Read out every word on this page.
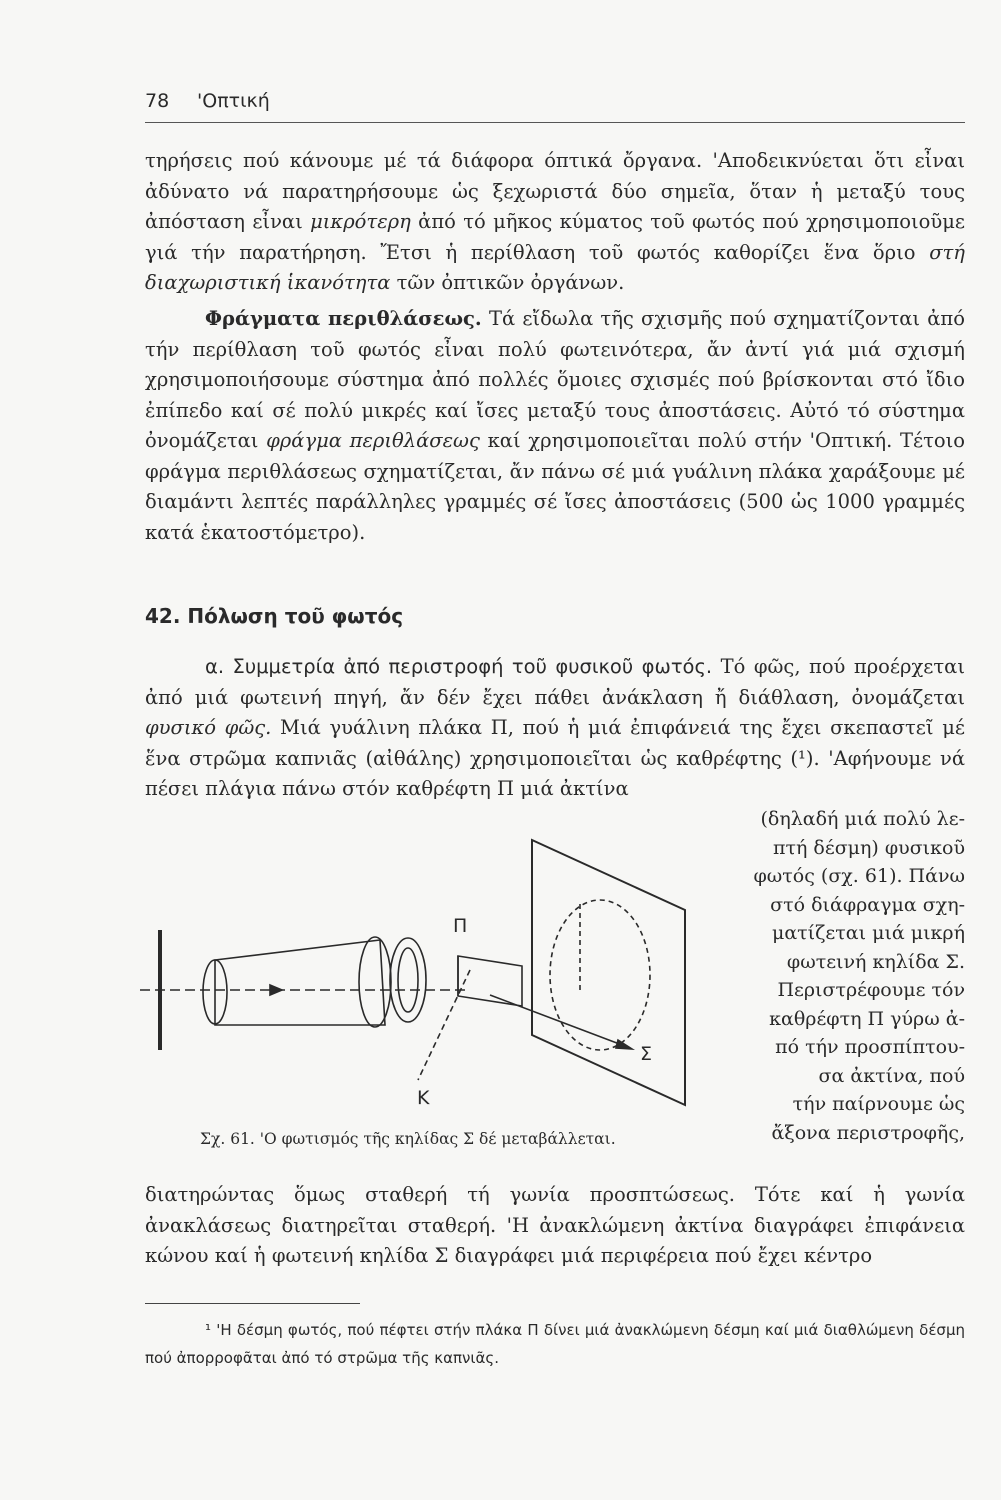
78 'Οπτική
τηρήσεις πού κάνουμε μέ τά διάφορα όπτικά ὄργανα. 'Αποδεικνύεται ὅτι εἶναι ἀδύνατο νά παρατηρήσουμε ὡς ξεχωριστά δύο σημεῖα, ὅταν ἡ μεταξύ τους ἀπόσταση εἶναι μικρότερη ἀπό τό μῆκος κύματος τοῦ φωτός πού χρησιμοποιοῦμε γιά τήν παρατήρηση. Ἔτσι ἡ περίθλαση τοῦ φωτός καθορίζει ἕνα ὅριο στή διαχωριστική ἱκανότητα τῶν ὀπτικῶν ὀργάνων.
Φράγματα περιθλάσεως. Τά εἴδωλα τῆς σχισμῆς πού σχηματίζονται ἀπό τήν περίθλαση τοῦ φωτός εἶναι πολύ φωτεινότερα, ἄν ἀντί γιά μιά σχισμή χρησιμοποιήσουμε σύστημα ἀπό πολλές ὅμοιες σχισμές πού βρίσκονται στό ἴδιο ἐπίπεδο καί σέ πολύ μικρές καί ἴσες μεταξύ τους ἀποστάσεις. Αὐτό τό σύστημα ὀνομάζεται φράγμα περιθλάσεως καί χρησιμοποιεῖται πολύ στήν 'Οπτική. Τέτοιο φράγμα περιθλάσεως σχηματίζεται, ἄν πάνω σέ μιά γυάλινη πλάκα χαράξουμε μέ διαμάντι λεπτές παράλληλες γραμμές σέ ἴσες ἀποστάσεις (500 ὡς 1000 γραμμές κατά ἑκατοστόμετρο).
42. Πόλωση τοῦ φωτός
α. Συμμετρία ἀπό περιστροφή τοῦ φυσικοῦ φωτός. Τό φῶς, πού προέρχεται ἀπό μιά φωτεινή πηγή, ἄν δέν ἔχει πάθει ἀνάκλαση ἤ διάθλαση, ὀνομάζεται φυσικό φῶς. Μιά γυάλινη πλάκα Π, πού ἡ μιά ἐπιφάνειά της ἔχει σκεπαστεῖ μέ ἕνα στρῶμα καπνιᾶς (αἰθάλης) χρησιμοποιεῖται ὡς καθρέφτης (¹). 'Αφήνουμε νά πέσει πλάγια πάνω στόν καθρέφτη Π μιά ἀκτίνα
(δηλαδή μιά πολύ λε-
πτή δέσμη) φυσικοῦ
φωτός (σχ. 61). Πάνω
στό διάφραγμα σχη-
ματίζεται μιά μικρή
φωτεινή κηλίδα Σ.
Περιστρέφουμε τόν
καθρέφτη Π γύρω ἀ-
πό τήν προσπίπτου-
σα ἀκτίνα, πού
τήν παίρνουμε ὡς
ἄξονα περιστροφῆς,
Π
Σ
Κ
Σχ. 61. 'Ο φωτισμός τῆς κηλίδας Σ δέ μεταβάλλεται.
διατηρώντας ὅμως σταθερή τή γωνία προσπτώσεως. Τότε καί ἡ γωνία ἀνακλάσεως διατηρεῖται σταθερή. 'Η ἀνακλώμενη ἀκτίνα διαγράφει ἐπιφάνεια κώνου καί ἡ φωτεινή κηλίδα Σ διαγράφει μιά περιφέρεια πού ἔχει κέντρο
¹ 'Η δέσμη φωτός, πού πέφτει στήν πλάκα Π δίνει μιά ἀνακλώμενη δέσμη καί μιά διαθλώμενη δέσμη πού ἀπορροφᾶται ἀπό τό στρῶμα τῆς καπνιᾶς.
